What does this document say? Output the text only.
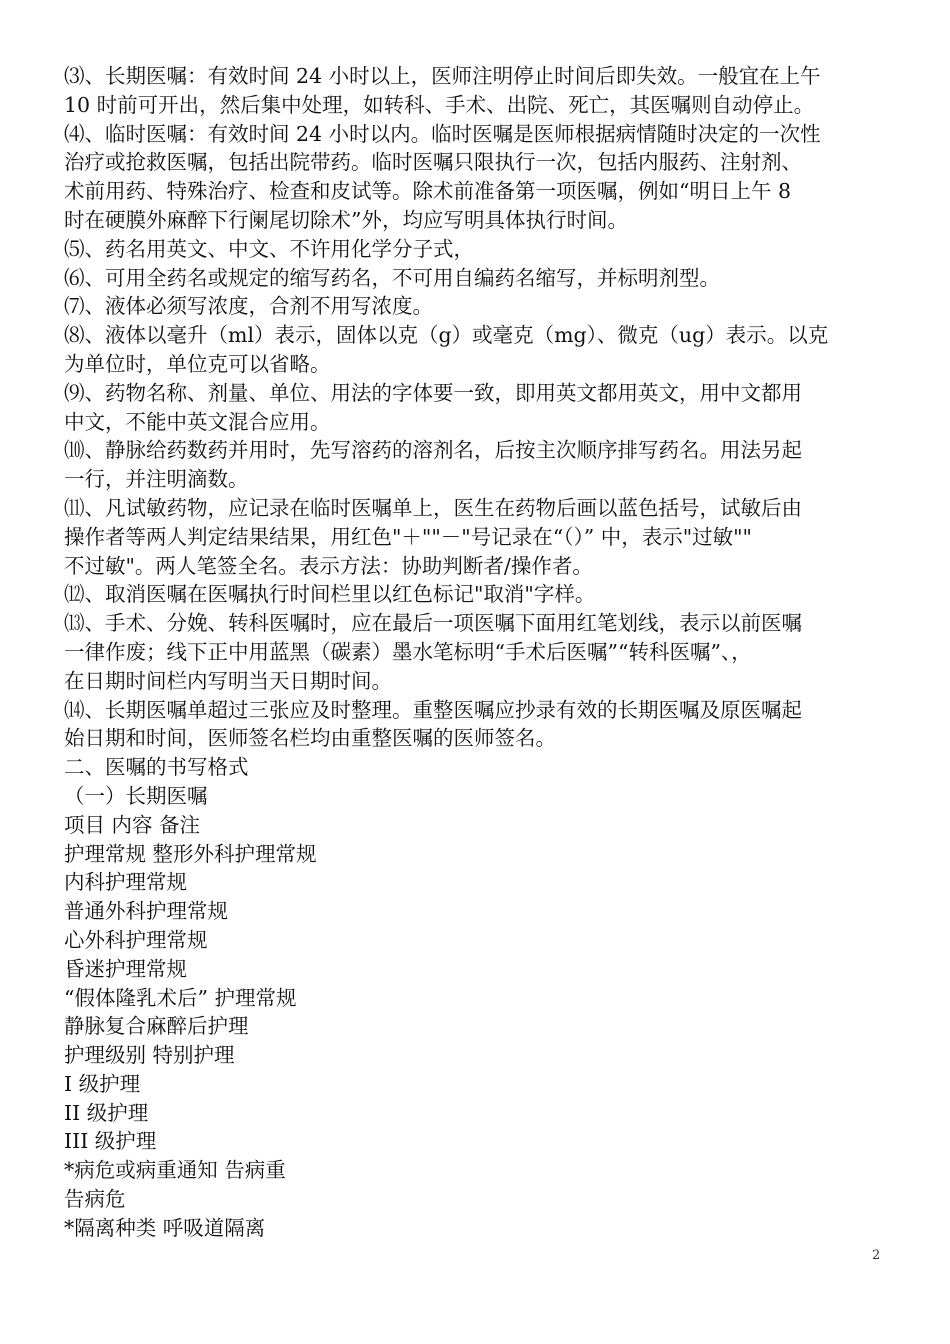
⑶、长期医嘱：有效时间 24 小时以上，医师注明停止时间后即失效。一般宜在上午
10 时前可开出，然后集中处理，如转科、手术、出院、死亡，其医嘱则自动停止。
⑷、临时医嘱：有效时间 24 小时以内。临时医嘱是医师根据病情随时决定的一次性
治疗或抢救医嘱，包括出院带药。临时医嘱只限执行一次，包括内服药、注射剂、
术前用药、特殊治疗、检查和皮试等。除术前准备第一项医嘱，例如“明日上午 8
时在硬膜外麻醉下行阑尾切除术”外，均应写明具体执行时间。
⑸、药名用英文、中文、不许用化学分子式，
⑹、可用全药名或规定的缩写药名，不可用自编药名缩写，并标明剂型。
⑺、液体必须写浓度，合剂不用写浓度。
⑻、液体以毫升（ml）表示，固体以克（g）或毫克（mg）、微克（ug）表示。以克
为单位时，单位克可以省略。
⑼、药物名称、剂量、单位、用法的字体要一致，即用英文都用英文，用中文都用
中文，不能中英文混合应用。
⑽、静脉给药数药并用时，先写溶药的溶剂名，后按主次顺序排写药名。用法另起
一行，并注明滴数。
⑾、凡试敏药物，应记录在临时医嘱单上，医生在药物后画以蓝色括号，试敏后由
操作者等两人判定结果结果，用红色"＋""－"号记录在“（）” 中，表示"过敏""
不过敏"。两人笔签全名。表示方法：协助判断者/操作者。
⑿、取消医嘱在医嘱执行时间栏里以红色标记"取消"字样。
⒀、手术、分娩、转科医嘱时，应在最后一项医嘱下面用红笔划线，表示以前医嘱
一律作废；线下正中用蓝黑（碳素）墨水笔标明“手术后医嘱”“转科医嘱”、，
在日期时间栏内写明当天日期时间。
⒁、长期医嘱单超过三张应及时整理。重整医嘱应抄录有效的长期医嘱及原医嘱起
始日期和时间，医师签名栏均由重整医嘱的医师签名。
二、医嘱的书写格式
（一）长期医嘱
项目 内容 备注
护理常规 整形外科护理常规
内科护理常规
普通外科护理常规
心外科护理常规
昏迷护理常规
“假体隆乳术后” 护理常规
静脉复合麻醉后护理
护理级别 特别护理
I 级护理
II 级护理
III 级护理
*病危或病重通知 告病重
告病危
*隔离种类 呼吸道隔离
2
